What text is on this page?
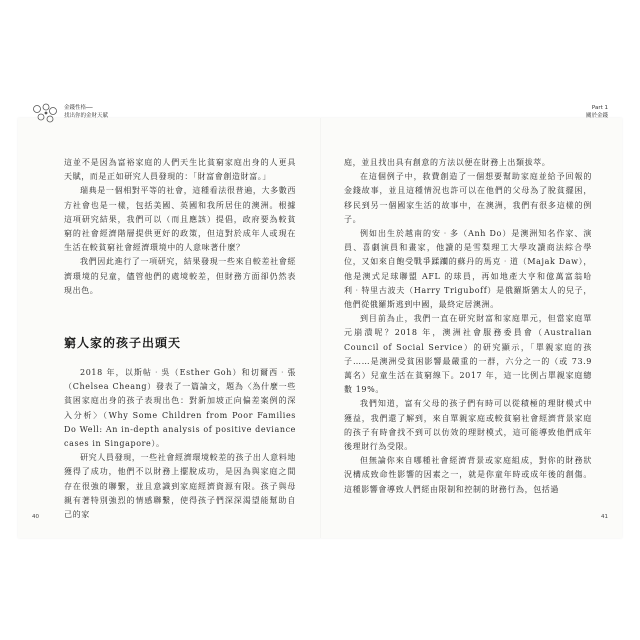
金錢性格──
找出你的金財天賦

這並不是因為富裕家庭的人們天生比貧窮家庭出身的人更具天賦，而是正如研究人員發現的：「財富會創造財富。」

瑞典是一個相對平等的社會，這種看法很普遍，大多數西方社會也是一樣，包括美國、英國和我所居住的澳洲。根據這項研究結果，我們可以（而且應該）提倡，政府要為較貧窮的社會經濟階層提供更好的政策，但這對於成年人或現在生活在較貧窮社會經濟環境中的人意味著什麼？

我們因此進行了一項研究，結果發現一些來自較差社會經濟環境的兒童，儘管他們的處境較差，但財務方面卻仍然表現出色。

窮人家的孩子出頭天

2018 年，以斯帖‧吳（Esther Goh）和切爾西‧張（Chelsea Cheang）發表了一篇論文，題為〈為什麼一些貧困家庭出身的孩子表現出色：對新加坡正向偏差案例的深入分析〉（Why Some Children from Poor Families Do Well: An in-depth analysis of positive deviance cases in Singapore）。

研究人員發現，一些社會經濟環境較差的孩子出人意料地獲得了成功，他們不以財務上擺脫成功，是因為與家庭之間存在很強的聯繫，並且意識到家庭經濟資源有限。孩子與母親有著特別強烈的情感聯繫，使得孩子們深深渴望能幫助自己的家

40
Part 1
關於金錢

庭，並且找出具有創意的方法以便在財務上出類拔萃。

在這個例子中，救費創造了一個想要幫助家庭並給予回報的金錢故事，並且這種情況也許可以在他們的父母為了脫貧擺困，移民到另一個國家生活的故事中，在澳洲，我們有很多這樣的例子。

例如出生於越南的安‧多（Anh Do）是澳洲知名作家、演員、喜劇演員和畫家，他讀的是雪梨理工大學攻讀商法綜合學位，又如來自飽受戰爭蹂躪的蘇丹的馬克‧道（Majak Daw），他是澳式足球聯盟 AFL 的球員，再如地產大亨和億萬富翁哈利‧特里古波夫（Harry Triguboff）是俄羅斯猶太人的兒子，他們從俄羅斯逃到中國，最終定居澳洲。

到目前為止，我們一直在研究財富和家庭單元，但當家庭單元崩潰呢？2018 年，澳洲社會服務委員會（Australian Council of Social Service）的研究顯示，「單親家庭的孩子……是澳洲受貧困影響最嚴重的一群，六分之一的（或 73.9 萬名）兒童生活在貧窮線下。2017 年，這一比例占單親家庭總數 19%。

我們知道，富有父母的孩子們有時可以從積極的理財模式中獲益，我們還了解到，來自單親家庭或較貧窮社會經濟背景家庭的孩子有時會找不到可以仿效的理財模式，這可能導致他們成年後理財行為受限。

但無論你來自哪種社會經濟背景或家庭組成，對你的財務狀況構成致命性影響的因素之一，就是你童年時或成年後的創傷。這種影響會導致人們經由限制和控制的財務行為，包括過

41
